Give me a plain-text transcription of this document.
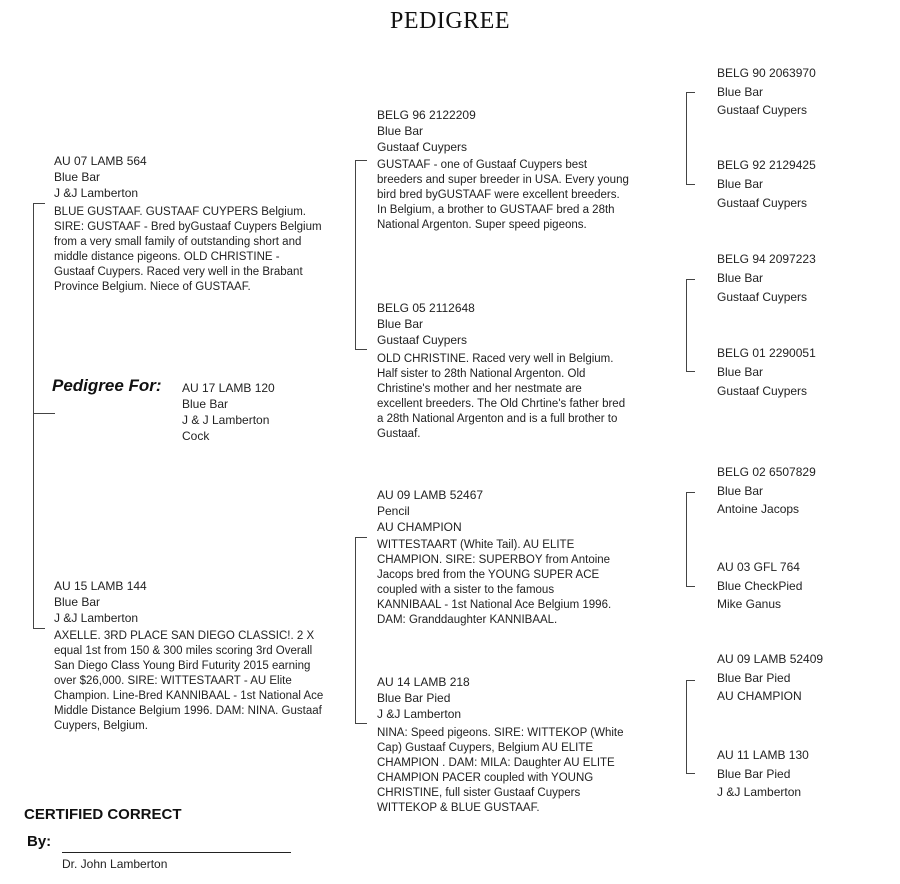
PEDIGREE
Pedigree For: AU 17 LAMB 120
Blue Bar
J & J Lamberton
Cock
AU 07 LAMB 564
Blue Bar
J &J Lamberton
BLUE GUSTAAF. GUSTAAF CUYPERS Belgium. SIRE: GUSTAAF - Bred byGustaaf Cuypers Belgium from a very small family of outstanding short and middle distance pigeons. OLD CHRISTINE - Gustaaf Cuypers. Raced very well in the Brabant Province Belgium. Niece of GUSTAAF.
AU 15 LAMB 144
Blue Bar
J &J Lamberton
AXELLE. 3RD PLACE SAN DIEGO CLASSIC!. 2 X equal 1st from 150 & 300 miles scoring 3rd Overall San Diego Class Young Bird Futurity 2015 earning over $26,000. SIRE: WITTESTAART - AU Elite Champion. Line-Bred KANNIBAAL - 1st National Ace Middle Distance Belgium 1996. DAM: NINA. Gustaaf Cuypers, Belgium.
BELG 96 2122209
Blue Bar
Gustaaf Cuypers
GUSTAAF - one of Gustaaf Cuypers best breeders and super breeder in USA. Every young bird bred byGUSTAAF were excellent breeders. In Belgium, a brother to GUSTAAF bred a 28th National Argenton. Super speed pigeons.
BELG 05 2112648
Blue Bar
Gustaaf Cuypers
OLD CHRISTINE. Raced very well in Belgium. Half sister to 28th National Argenton. Old Christine's mother and her nestmate are excellent breeders. The Old Chrtine's father bred a 28th National Argenton and is a full brother to Gustaaf.
AU 09 LAMB 52467
Pencil
AU CHAMPION
WITTESTAART (White Tail). AU ELITE CHAMPION. SIRE: SUPERBOY from Antoine Jacops bred from the YOUNG SUPER ACE coupled with a sister to the famous KANNIBAAL - 1st National Ace Belgium 1996. DAM: Granddaughter KANNIBAAL.
AU 14 LAMB 218
Blue Bar Pied
J &J Lamberton
NINA: Speed pigeons. SIRE: WITTEKOP (White Cap) Gustaaf Cuypers, Belgium AU ELITE CHAMPION . DAM: MILA: Daughter AU ELITE CHAMPION PACER coupled with YOUNG CHRISTINE, full sister Gustaaf Cuypers WITTEKOP & BLUE GUSTAAF.
BELG 90 2063970
Blue Bar
Gustaaf Cuypers
BELG 92 2129425
Blue Bar
Gustaaf Cuypers
BELG 94 2097223
Blue Bar
Gustaaf Cuypers
BELG 01 2290051
Blue Bar
Gustaaf Cuypers
BELG 02 6507829
Blue Bar
Antoine Jacops
AU 03 GFL 764
Blue CheckPied
Mike Ganus
AU 09 LAMB 52409
Blue Bar Pied
AU CHAMPION
AU 11 LAMB 130
Blue Bar Pied
J &J Lamberton
CERTIFIED CORRECT
By:
Dr. John Lamberton
